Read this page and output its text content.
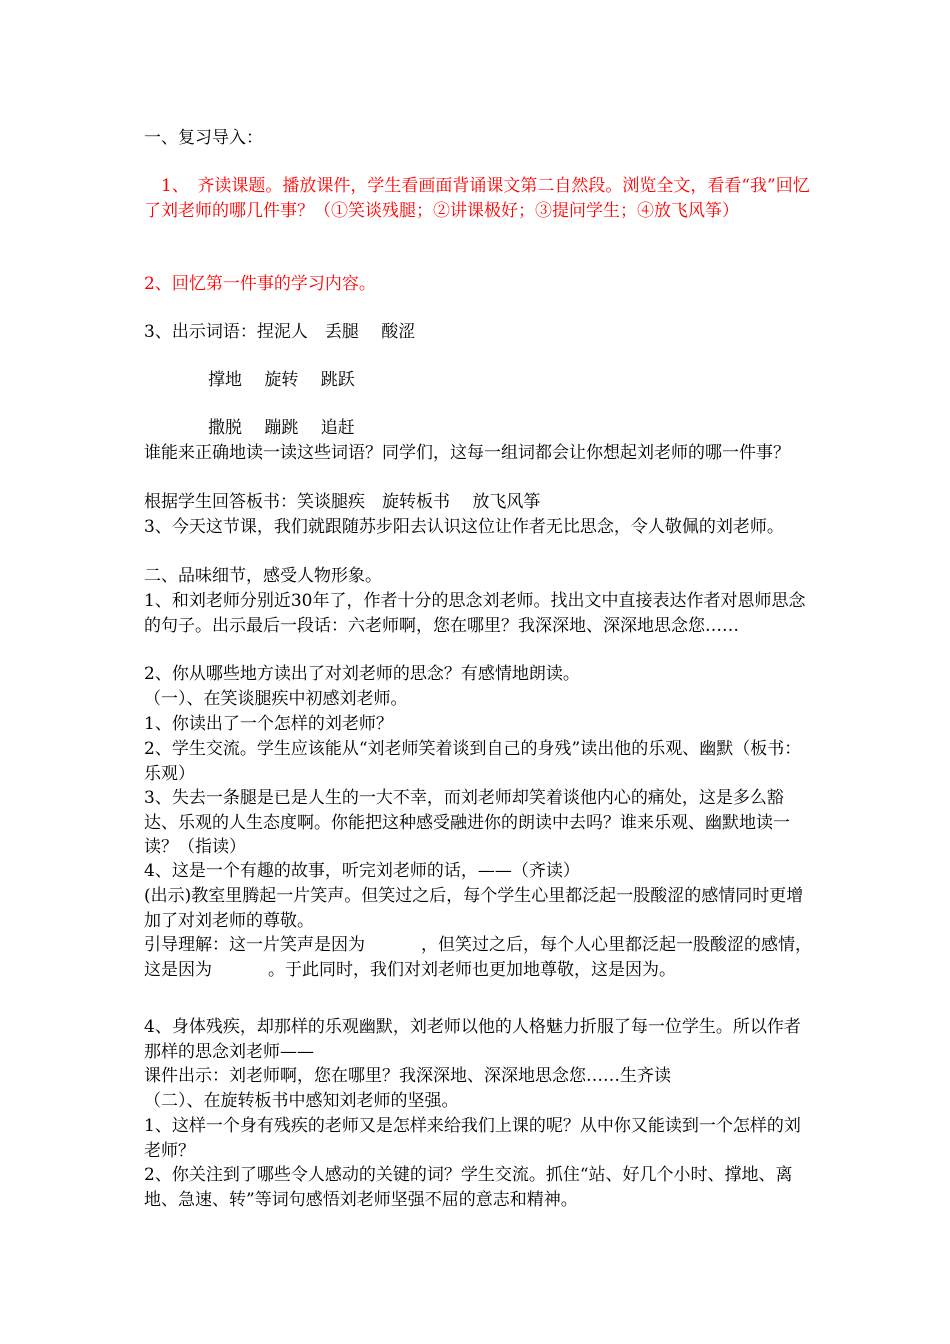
一、复习导入：
　1、　齐读课题。播放课件，学生看画面背诵课文第二自然段。浏览全文，看看“我”回忆了刘老师的哪几件事？（①笑谈残腿；②讲课极好；③提问学生；④放飞风筝）
2、回忆第一件事的学习内容。
3、出示词语：捏泥人　丢腿　 酸涩
撑地　 旋转　 跳跃
撒脱　 蹦跳　 追赶
谁能来正确地读一读这些词语？同学们，这每一组词都会让你想起刘老师的哪一件事？
根据学生回答板书：笑谈腿疾　旋转板书　 放飞风筝
3、今天这节课，我们就跟随苏步阳去认识这位让作者无比思念，令人敬佩的刘老师。
二、品味细节，感受人物形象。
1、和刘老师分别近30年了，作者十分的思念刘老师。找出文中直接表达作者对恩师思念的句子。出示最后一段话：六老师啊，您在哪里？我深深地、深深地思念您……
2、你从哪些地方读出了对刘老师的思念？有感情地朗读。
（一）、在笑谈腿疾中初感刘老师。
1、你读出了一个怎样的刘老师？
2、学生交流。学生应该能从“刘老师笑着谈到自己的身残”读出他的乐观、幽默（板书：乐观）
3、失去一条腿是已是人生的一大不幸，而刘老师却笑着谈他内心的痛处，这是多么豁达、乐观的人生态度啊。你能把这种感受融进你的朗读中去吗？谁来乐观、幽默地读一读？（指读）
4、这是一个有趣的故事，听完刘老师的话，——（齐读）
(出示)教室里腾起一片笑声。但笑过之后，每个学生心里都泛起一股酸涩的感情同时更增加了对刘老师的尊敬。
引导理解：这一片笑声是因为	，但笑过之后，每个人心里都泛起一股酸涩的感情，这是因为	。于此同时，我们对刘老师也更加地尊敬，这是因为。
4、身体残疾，却那样的乐观幽默，刘老师以他的人格魅力折服了每一位学生。所以作者那样的思念刘老师——
课件出示：刘老师啊，您在哪里？我深深地、深深地思念您……生齐读
（二）、在旋转板书中感知刘老师的坚强。
1、这样一个身有残疾的老师又是怎样来给我们上课的呢？从中你又能读到一个怎样的刘老师？
2、你关注到了哪些令人感动的关键的词？学生交流。抓住“站、好几个小时、撑地、离地、急速、转”等词句感悟刘老师坚强不屈的意志和精神。
